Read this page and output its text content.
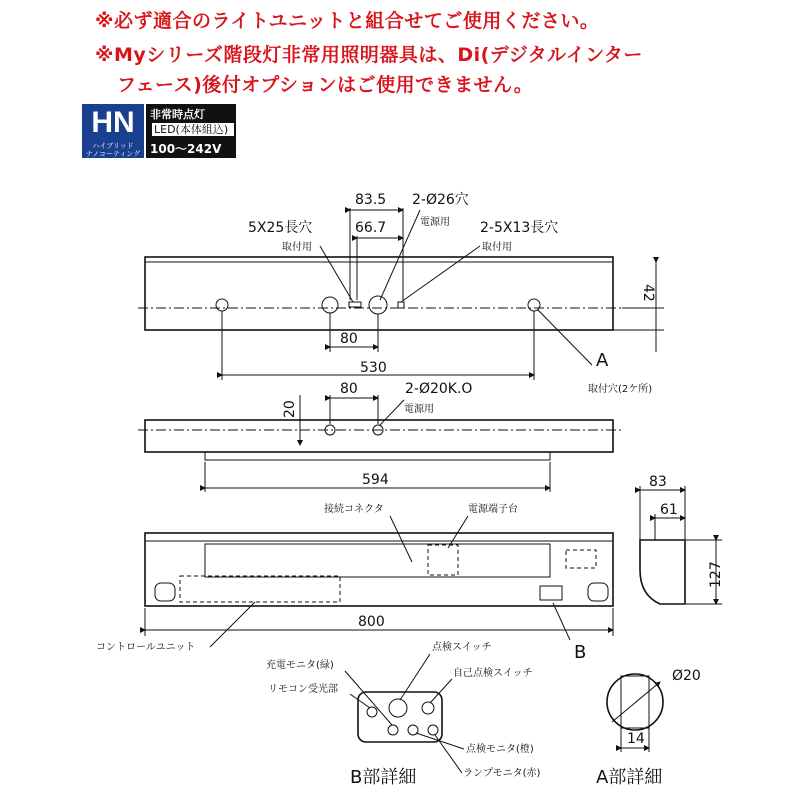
※必ず適合のライトユニットと組合せてご使用ください。
※Myシリーズ階段灯非常用照明器具は、Di(デジタルインター
フェース)後付オプションはご使用できません。
HN
ハイブリッド
ナノコーティング
非常時点灯
LED(本体組込)
100〜242V
83.5
66.7
2-Ø26穴
電源用
5X25長穴
取付用
2-5X13長穴
取付用
42
80
530	A
取付穴(2ケ所)
80	2-Ø20K.O
電源用
20
594
接続コネクタ	電源端子台
800
コントロールユニット	B
83
61
127
点検スイッチ
充電モニタ(緑)
自己点検スイッチ
リモコン受光部
点検モニタ(橙)
ランプモニタ(赤)
B部詳細
Ø20
14
A部詳細
